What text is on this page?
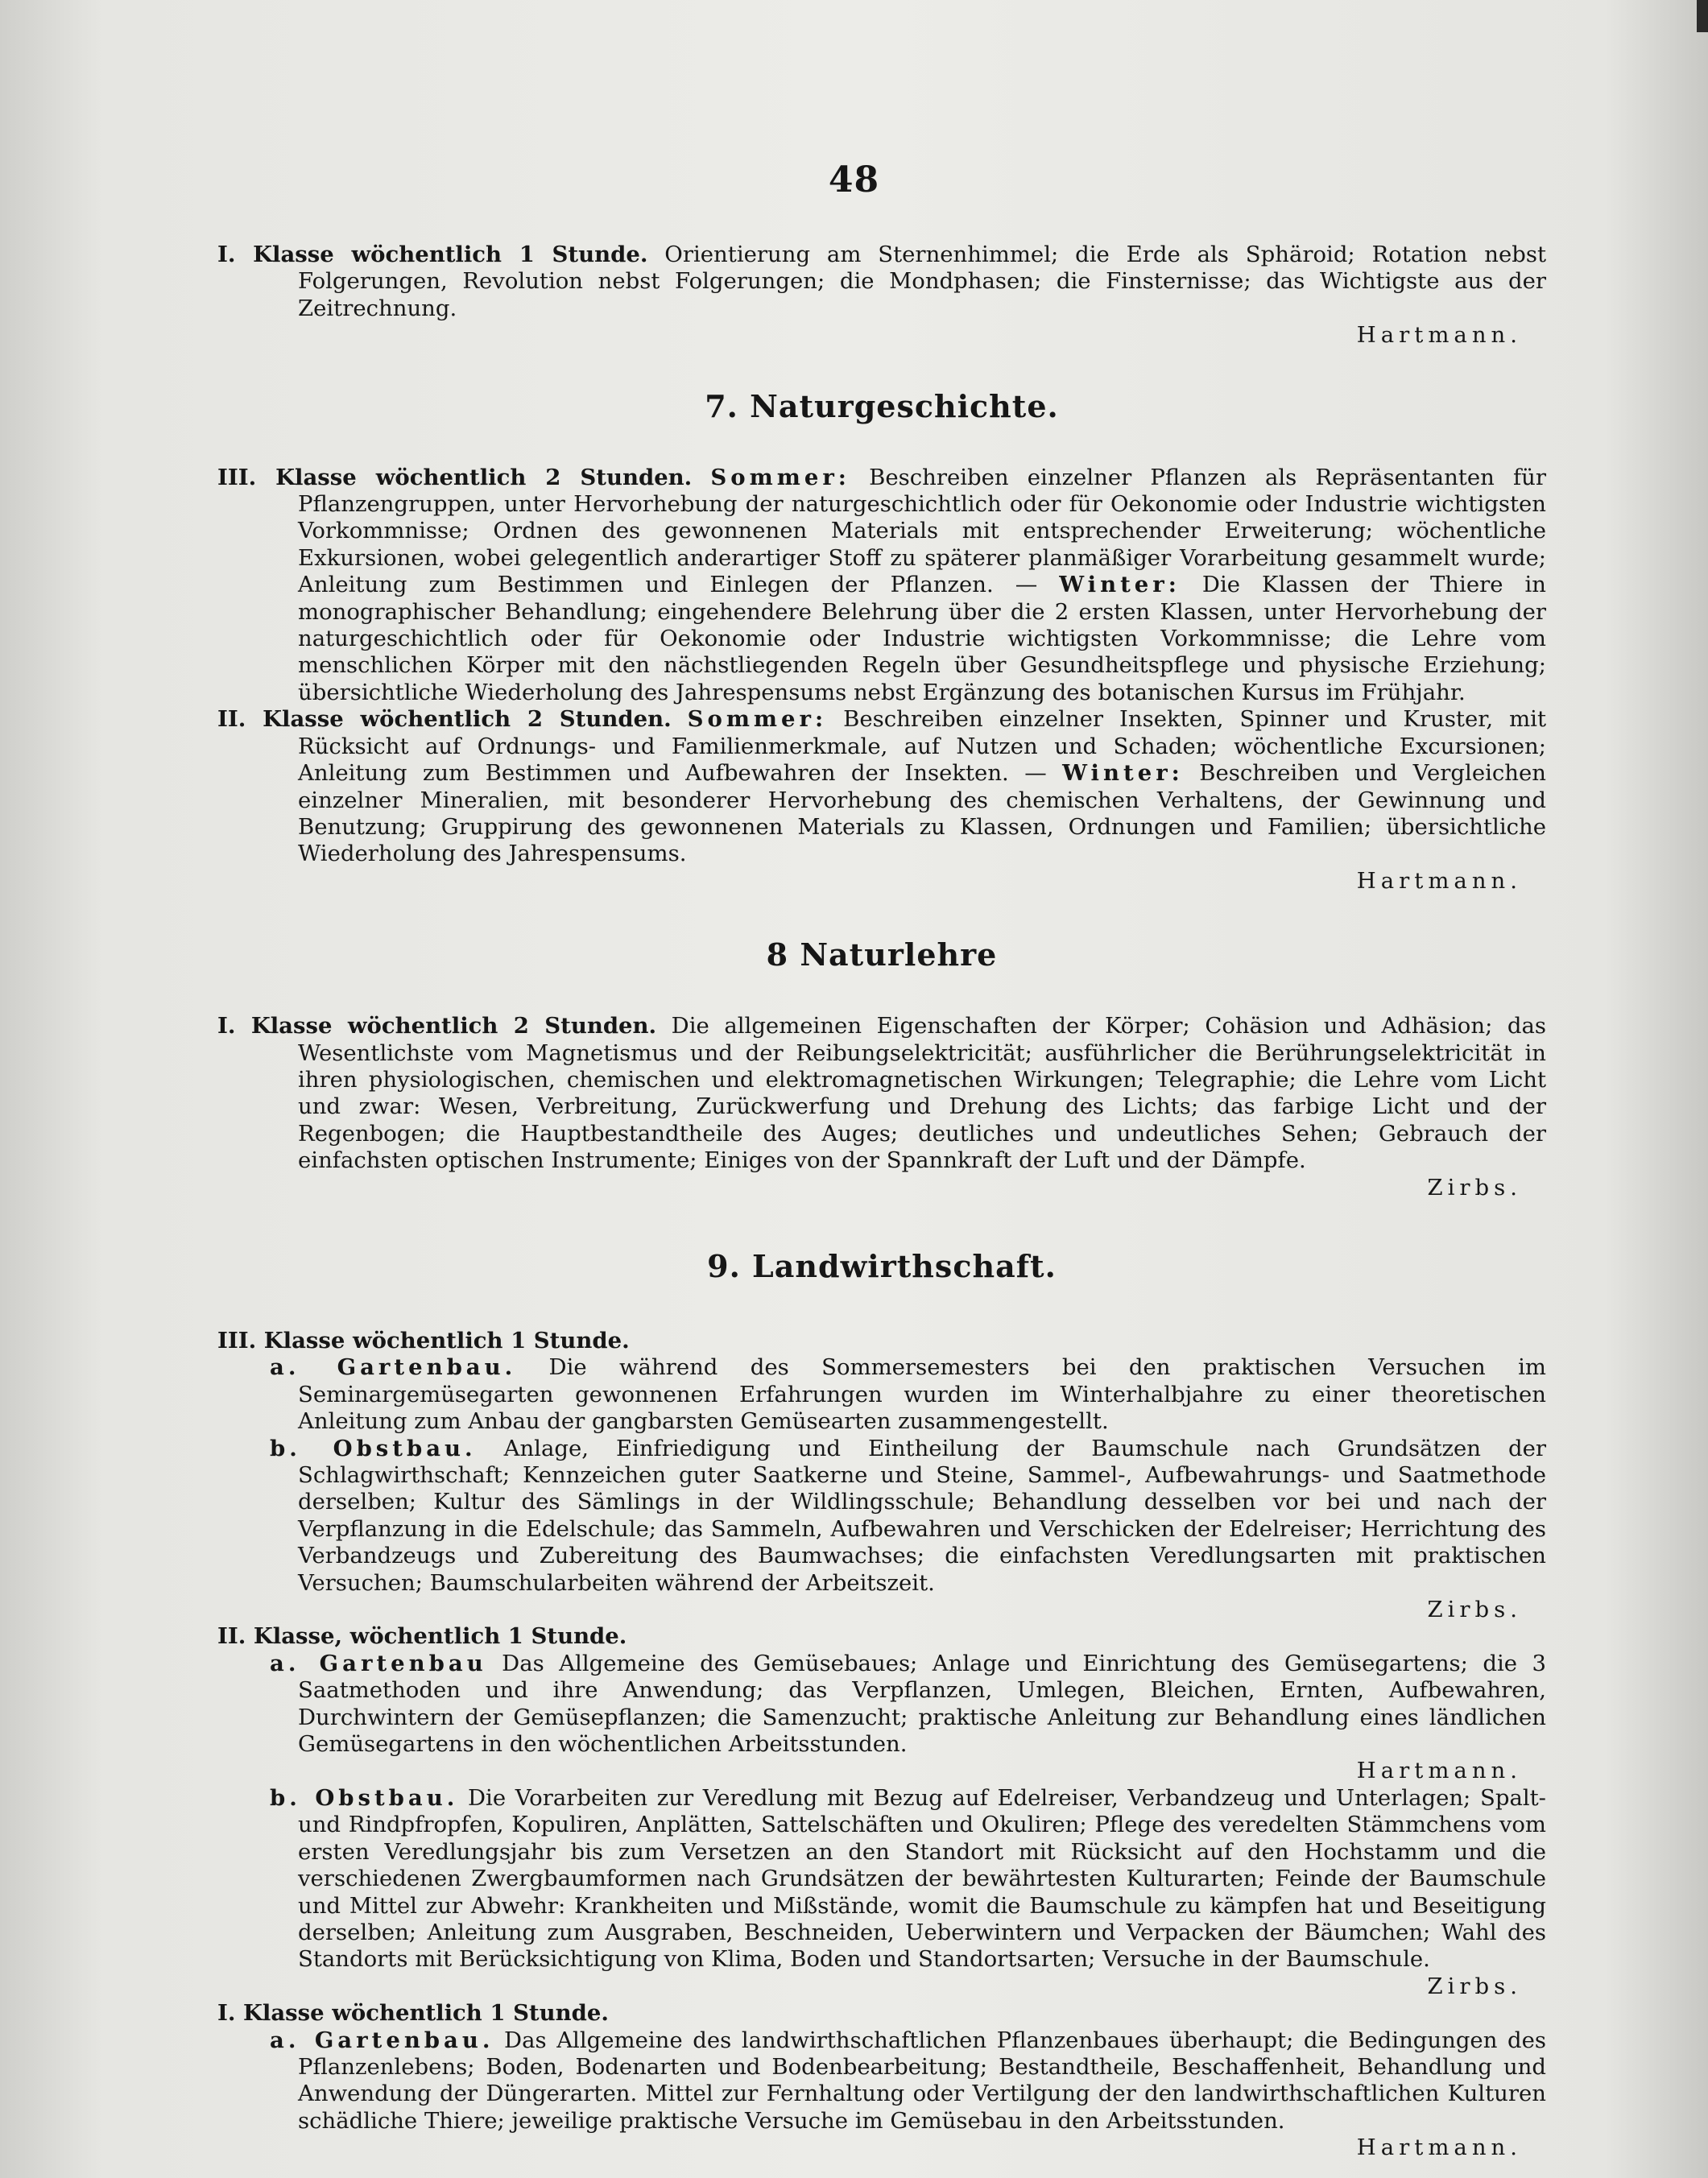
48

I. Klasse wöchentlich 1 Stunde. Orientierung am Sternenhimmel; die Erde als Sphäroid; Rotation nebst Folgerungen, Revolution nebst Folgerungen; die Mondphasen; die Finsternisse; das Wichtigste aus der Zeitrechnung.

Hartmann.
7. Naturgeschichte.

III. Klasse wöchentlich 2 Stunden. Sommer: Beschreiben einzelner Pflanzen als Repräsentanten für Pflanzengruppen, unter Hervorhebung der naturgeschichtlich oder für Oekonomie oder Industrie wichtigsten Vorkommnisse; Ordnen des gewonnenen Materials mit entsprechender Erweiterung; wöchentliche Exkursionen, wobei gelegentlich anderartiger Stoff zu späterer planmäßiger Vorarbeitung gesammelt wurde; Anleitung zum Bestimmen und Einlegen der Pflanzen. — Winter: Die Klassen der Thiere in monographischer Behandlung; eingehendere Belehrung über die 2 ersten Klassen, unter Hervorhebung der naturgeschichtlich oder für Oekonomie oder Industrie wichtigsten Vorkommnisse; die Lehre vom menschlichen Körper mit den nächstliegenden Regeln über Gesundheitspflege und physische Erziehung; übersichtliche Wiederholung des Jahrespensums nebst Ergänzung des botanischen Kursus im Frühjahr.

II. Klasse wöchentlich 2 Stunden. Sommer: Beschreiben einzelner Insekten, Spinner und Kruster, mit Rücksicht auf Ordnungs- und Familienmerkmale, auf Nutzen und Schaden; wöchentliche Excursionen; Anleitung zum Bestimmen und Aufbewahren der Insekten. — Winter: Beschreiben und Vergleichen einzelner Mineralien, mit besonderer Hervorhebung des chemischen Verhaltens, der Gewinnung und Benutzung; Gruppirung des gewonnenen Materials zu Klassen, Ordnungen und Familien; übersichtliche Wiederholung des Jahrespensums.

Hartmann.
8 Naturlehre

I. Klasse wöchentlich 2 Stunden. Die allgemeinen Eigenschaften der Körper; Cohäsion und Adhäsion; das Wesentlichste vom Magnetismus und der Reibungselektricität; ausführlicher die Berührungselektricität in ihren physiologischen, chemischen und elektromagnetischen Wirkungen; Telegraphie; die Lehre vom Licht und zwar: Wesen, Verbreitung, Zurückwerfung und Drehung des Lichts; das farbige Licht und der Regenbogen; die Hauptbestandtheile des Auges; deutliches und undeutliches Sehen; Gebrauch der einfachsten optischen Instrumente; Einiges von der Spannkraft der Luft und der Dämpfe.

Zirbs.
9. Landwirthschaft.

III. Klasse wöchentlich 1 Stunde.

a. Gartenbau. Die während des Sommersemesters bei den praktischen Versuchen im Seminargemüsegarten gewonnenen Erfahrungen wurden im Winterhalbjahre zu einer theoretischen Anleitung zum Anbau der gangbarsten Gemüsearten zusammengestellt.

b. Obstbau. Anlage, Einfriedigung und Eintheilung der Baumschule nach Grundsätzen der Schlagwirthschaft; Kennzeichen guter Saatkerne und Steine, Sammel-, Aufbewahrungs- und Saatmethode derselben; Kultur des Sämlings in der Wildlingsschule; Behandlung desselben vor bei und nach der Verpflanzung in die Edelschule; das Sammeln, Aufbewahren und Verschicken der Edelreiser; Herrichtung des Verbandzeugs und Zubereitung des Baumwachses; die einfachsten Veredlungsarten mit praktischen Versuchen; Baumschularbeiten während der Arbeitszeit.

Zirbs.

II. Klasse, wöchentlich 1 Stunde.

a. Gartenbau Das Allgemeine des Gemüsebaues; Anlage und Einrichtung des Gemüsegartens; die 3 Saatmethoden und ihre Anwendung; das Verpflanzen, Umlegen, Bleichen, Ernten, Aufbewahren, Durchwintern der Gemüsepflanzen; die Samenzucht; praktische Anleitung zur Behandlung eines ländlichen Gemüsegartens in den wöchentlichen Arbeitsstunden.

Hartmann.

b. Obstbau. Die Vorarbeiten zur Veredlung mit Bezug auf Edelreiser, Verbandzeug und Unterlagen; Spalt- und Rindpfropfen, Kopuliren, Anplätten, Sattelschäften und Okuliren; Pflege des veredelten Stämmchens vom ersten Veredlungsjahr bis zum Versetzen an den Standort mit Rücksicht auf den Hochstamm und die verschiedenen Zwergbaumformen nach Grundsätzen der bewährtesten Kulturarten; Feinde der Baumschule und Mittel zur Abwehr: Krankheiten und Mißstände, womit die Baumschule zu kämpfen hat und Beseitigung derselben; Anleitung zum Ausgraben, Beschneiden, Ueberwintern und Verpacken der Bäumchen; Wahl des Standorts mit Berücksichtigung von Klima, Boden und Standortsarten; Versuche in der Baumschule.

Zirbs.

I. Klasse wöchentlich 1 Stunde.

a. Gartenbau. Das Allgemeine des landwirthschaftlichen Pflanzenbaues überhaupt; die Bedingungen des Pflanzenlebens; Boden, Bodenarten und Bodenbearbeitung; Bestandtheile, Beschaffenheit, Behandlung und Anwendung der Düngerarten. Mittel zur Fernhaltung oder Vertilgung der den landwirthschaftlichen Kulturen schädliche Thiere; jeweilige praktische Versuche im Gemüsebau in den Arbeitsstunden.

Hartmann.
